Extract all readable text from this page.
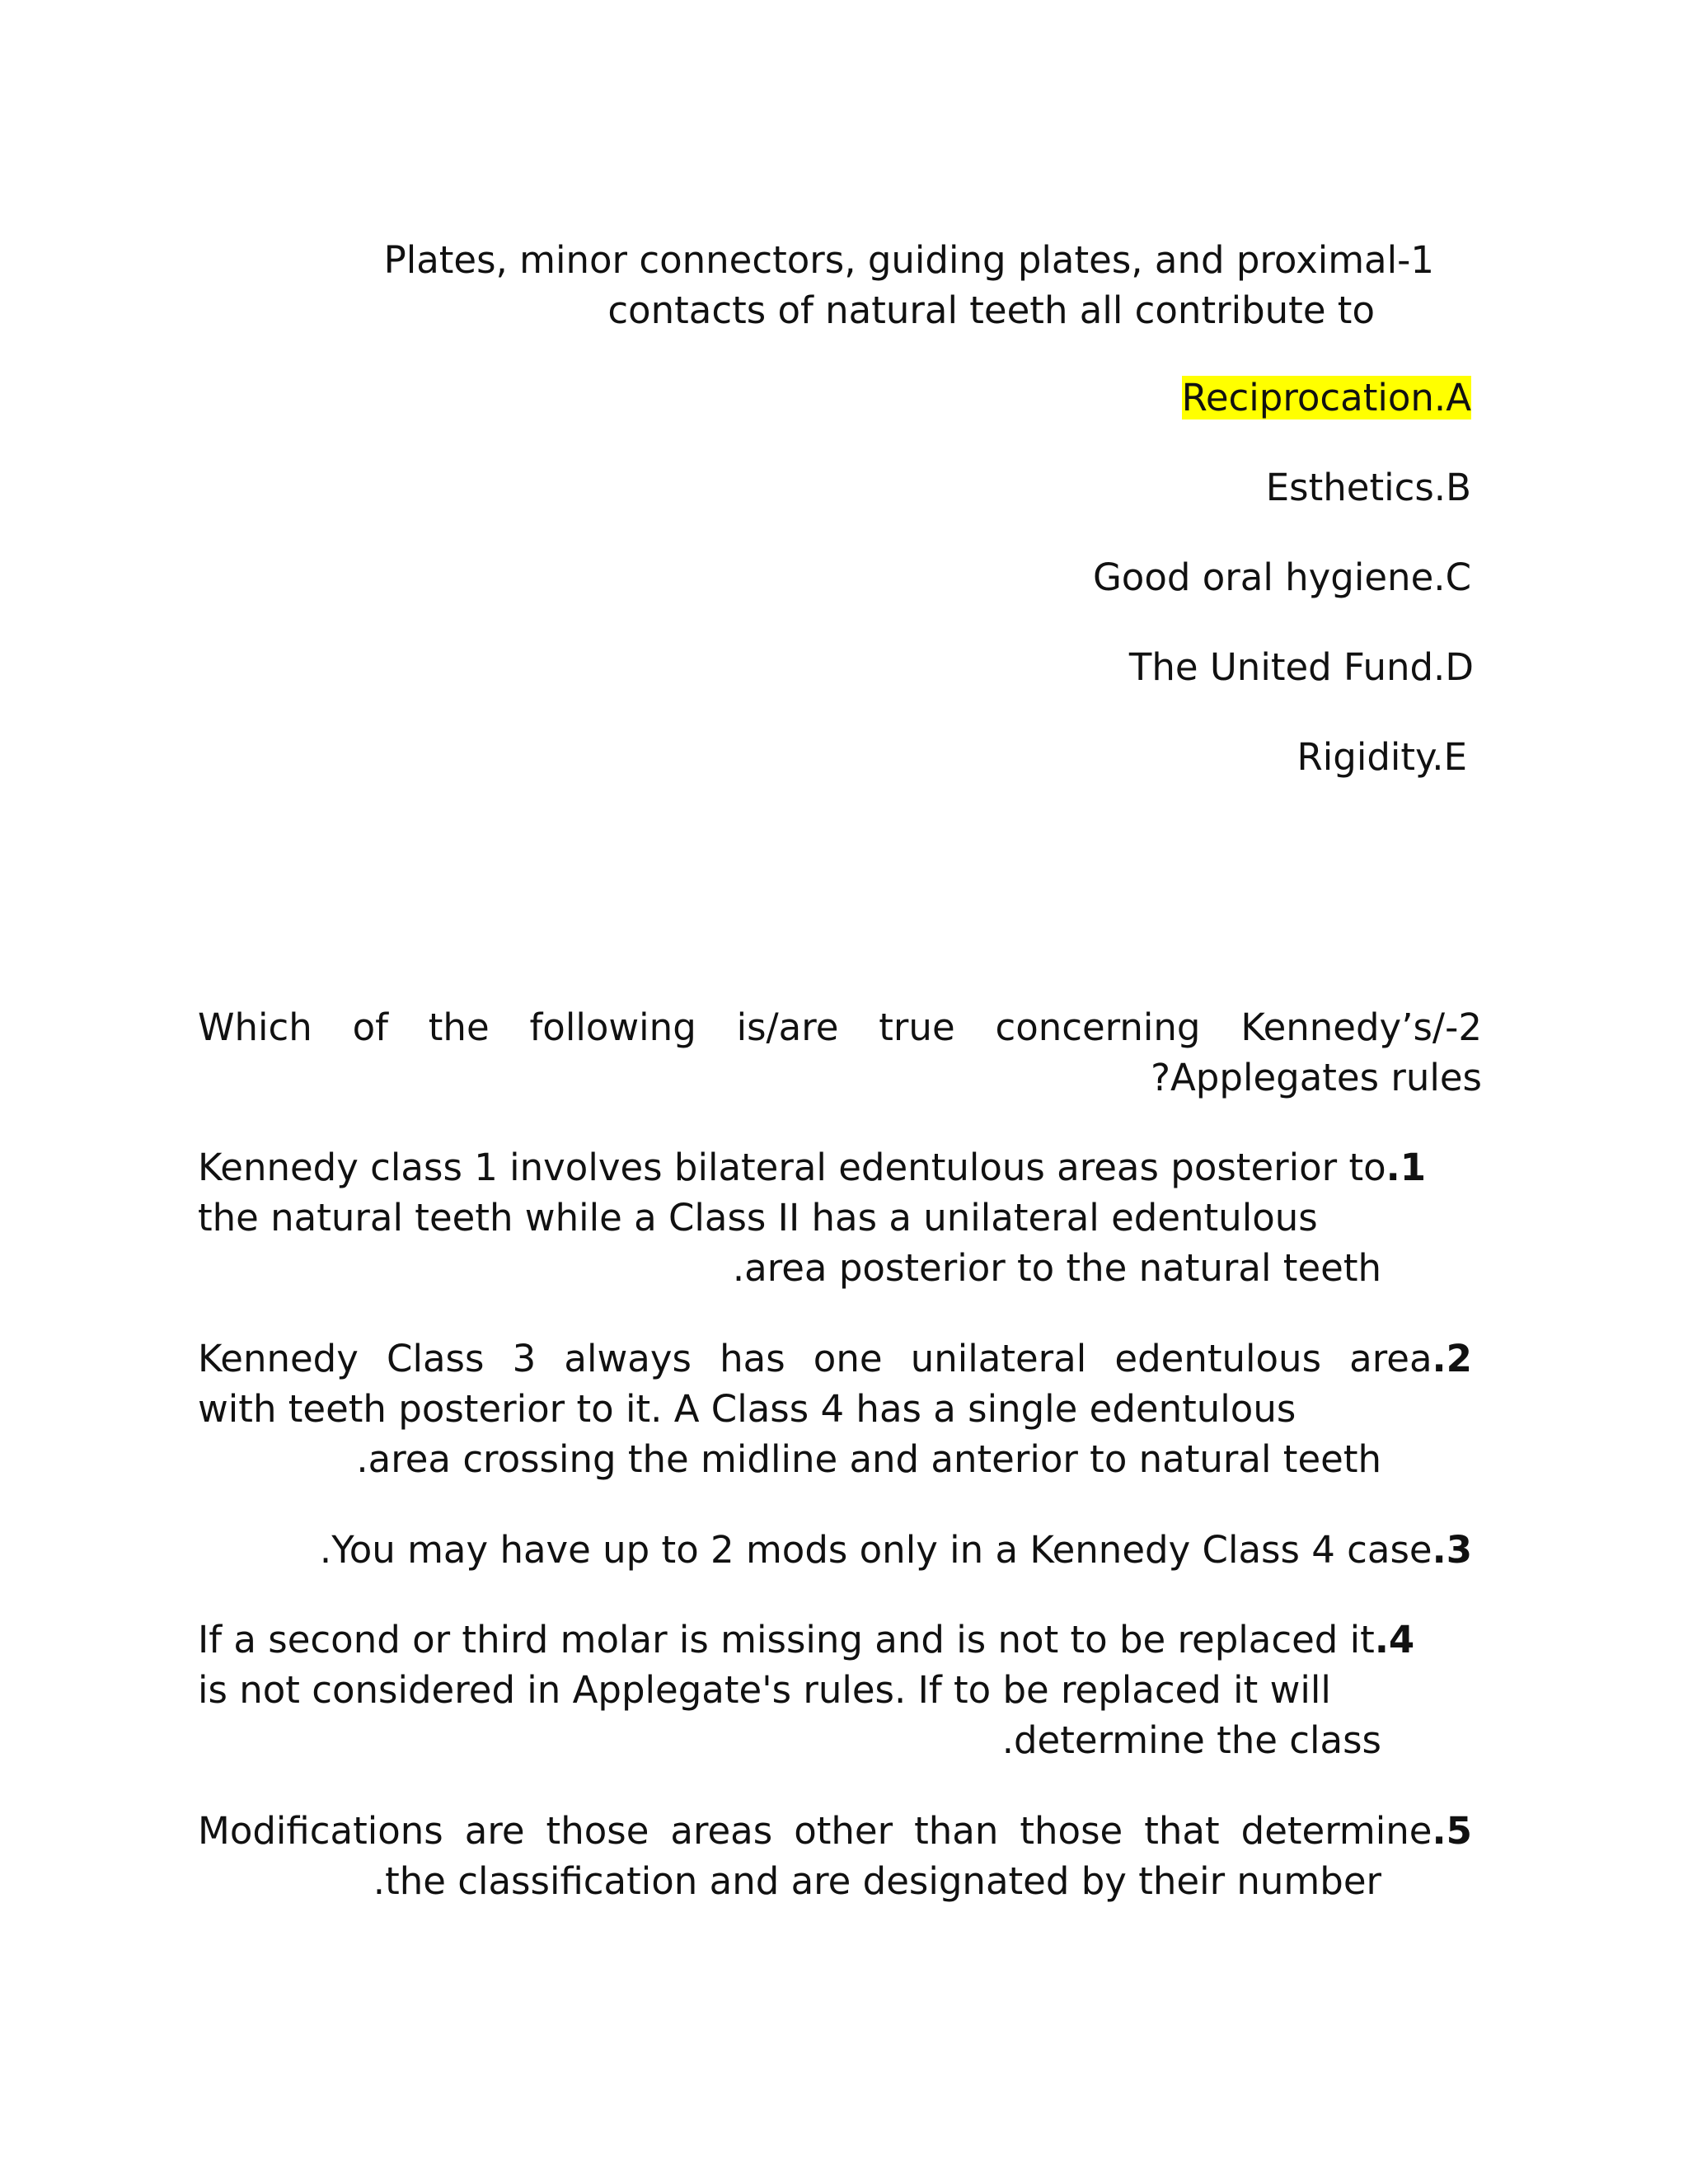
Plates, minor connectors, guiding plates, and proximal-1
contacts of natural teeth all contribute to
Reciprocation.A
Esthetics.B
Good oral hygiene.C
The United Fund.D
Rigidity.E
Which of the following is/are true concerning Kennedy’s/-2
?Applegates rules
Kennedy class 1 involves bilateral edentulous areas posterior to.1
the natural teeth while a Class II has a unilateral edentulous
.area posterior to the natural teeth
Kennedy Class 3 always has one unilateral edentulous area.2
with teeth posterior to it. A Class 4 has a single edentulous
.area crossing the midline and anterior to natural teeth
.You may have up to 2 mods only in a Kennedy Class 4 case.3
If a second or third molar is missing and is not to be replaced it.4
is not considered in Applegate's rules. If to be replaced it will
.determine the class
Modifications are those areas other than those that determine.5
.the classification and are designated by their number
